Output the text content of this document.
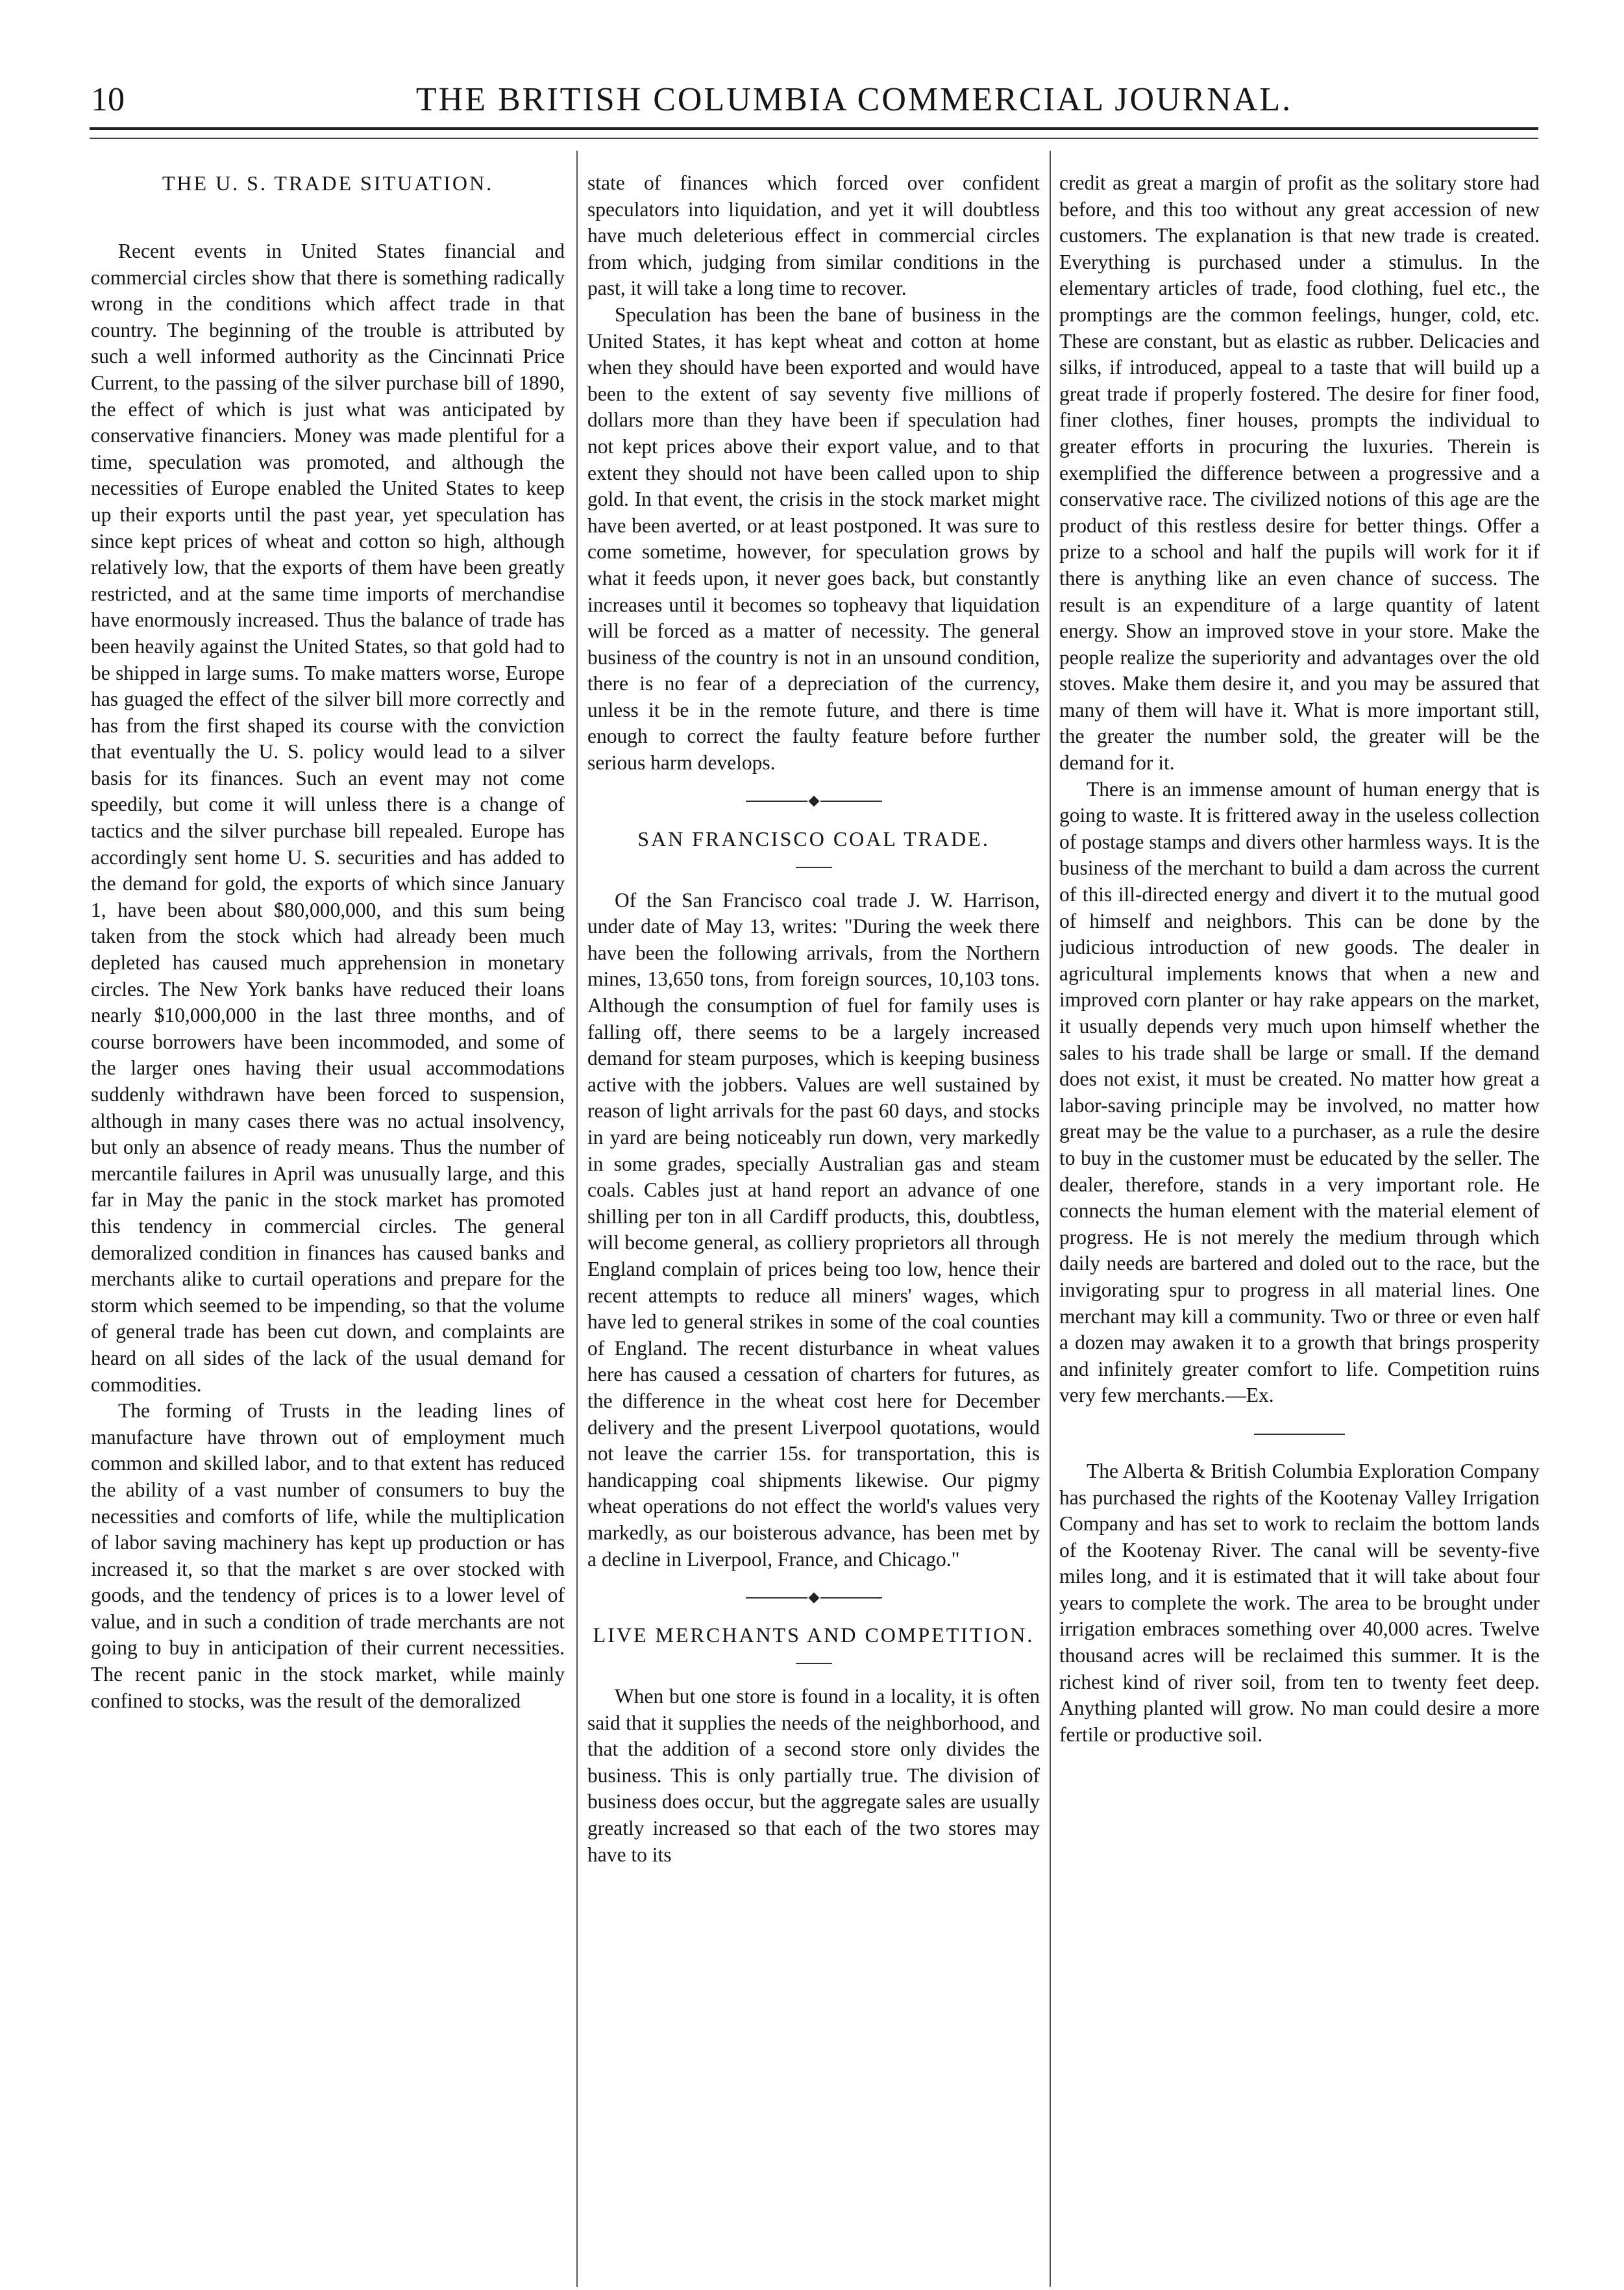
10	THE BRITISH COLUMBIA COMMERCIAL JOURNAL.
THE U. S. TRADE SITUATION.

Recent events in United States financial and commercial circles show that there is something radically wrong in the conditions which affect trade in that country. The beginning of the trouble is attributed by such a well informed authority as the Cincinnati Price Current, to the passing of the silver purchase bill of 1890, the effect of which is just what was anticipated by conservative financiers. Money was made plentiful for a time, speculation was promoted, and although the necessities of Europe enabled the United States to keep up their exports until the past year, yet speculation has since kept prices of wheat and cotton so high, although relatively low, that the exports of them have been greatly restricted, and at the same time imports of merchandise have enormously increased. Thus the balance of trade has been heavily against the United States, so that gold had to be shipped in large sums. To make matters worse, Europe has guaged the effect of the silver bill more correctly and has from the first shaped its course with the conviction that eventually the U. S. policy would lead to a silver basis for its finances. Such an event may not come speedily, but come it will unless there is a change of tactics and the silver purchase bill repealed. Europe has accordingly sent home U. S. securities and has added to the demand for gold, the exports of which since January 1, have been about $80,000,000, and this sum being taken from the stock which had already been much depleted has caused much apprehension in monetary circles. The New York banks have reduced their loans nearly $10,000,000 in the last three months, and of course borrowers have been incommoded, and some of the larger ones having their usual accommodations suddenly withdrawn have been forced to suspension, although in many cases there was no actual insolvency, but only an absence of ready means. Thus the number of mercantile failures in April was unusually large, and this far in May the panic in the stock market has promoted this tendency in commercial circles. The general demoralized condition in finances has caused banks and merchants alike to curtail operations and prepare for the storm which seemed to be impending, so that the volume of general trade has been cut down, and complaints are heard on all sides of the lack of the usual demand for commodities.

The forming of Trusts in the leading lines of manufacture have thrown out of employment much common and skilled labor, and to that extent has reduced the ability of a vast number of consumers to buy the necessities and comforts of life, while the multiplication of labor saving machinery has kept up production or has increased it, so that the market s are over stocked with goods, and the tendency of prices is to a lower level of value, and in such a condition of trade merchants are not going to buy in anticipation of their current necessities. The recent panic in the stock market, while mainly confined to stocks, was the result of the demoralized

state of finances which forced over confident speculators into liquidation, and yet it will doubtless have much deleterious effect in commercial circles from which, judging from similar conditions in the past, it will take a long time to recover.

Speculation has been the bane of business in the United States, it has kept wheat and cotton at home when they should have been exported and would have been to the extent of say seventy five millions of dollars more than they have been if speculation had not kept prices above their export value, and to that extent they should not have been called upon to ship gold. In that event, the crisis in the stock market might have been averted, or at least postponed. It was sure to come sometime, however, for speculation grows by what it feeds upon, it never goes back, but constantly increases until it becomes so topheavy that liquidation will be forced as a matter of necessity. The general business of the country is not in an unsound condition, there is no fear of a depreciation of the currency, unless it be in the remote future, and there is time enough to correct the faulty feature before further serious harm develops.

SAN FRANCISCO COAL TRADE.

Of the San Francisco coal trade J. W. Harrison, under date of May 13, writes: "During the week there have been the following arrivals, from the Northern mines, 13,650 tons, from foreign sources, 10,103 tons. Although the consumption of fuel for family uses is falling off, there seems to be a largely increased demand for steam purposes, which is keeping business active with the jobbers. Values are well sustained by reason of light arrivals for the past 60 days, and stocks in yard are being noticeably run down, very markedly in some grades, specially Australian gas and steam coals. Cables just at hand report an advance of one shilling per ton in all Cardiff products, this, doubtless, will become general, as colliery proprietors all through England complain of prices being too low, hence their recent attempts to reduce all miners' wages, which have led to general strikes in some of the coal counties of England. The recent disturbance in wheat values here has caused a cessation of charters for futures, as the difference in the wheat cost here for December delivery and the present Liverpool quotations, would not leave the carrier 15s. for transportation, this is handicapping coal shipments likewise. Our pigmy wheat operations do not effect the world's values very markedly, as our boisterous advance, has been met by a decline in Liverpool, France, and Chicago."

LIVE MERCHANTS AND COMPETITION.

When but one store is found in a locality, it is often said that it supplies the needs of the neighborhood, and that the addition of a second store only divides the business. This is only partially true. The division of business does occur, but the aggregate sales are usually greatly increased so that each of the two stores may have to its

credit as great a margin of profit as the solitary store had before, and this too without any great accession of new customers. The explanation is that new trade is created. Everything is purchased under a stimulus. In the elementary articles of trade, food clothing, fuel etc., the promptings are the common feelings, hunger, cold, etc. These are constant, but as elastic as rubber. Delicacies and silks, if introduced, appeal to a taste that will build up a great trade if properly fostered. The desire for finer food, finer clothes, finer houses, prompts the individual to greater efforts in procuring the luxuries. Therein is exemplified the difference between a progressive and a conservative race. The civilized notions of this age are the product of this restless desire for better things. Offer a prize to a school and half the pupils will work for it if there is anything like an even chance of success. The result is an expenditure of a large quantity of latent energy. Show an improved stove in your store. Make the people realize the superiority and advantages over the old stoves. Make them desire it, and you may be assured that many of them will have it. What is more important still, the greater the number sold, the greater will be the demand for it.

There is an immense amount of human energy that is going to waste. It is frittered away in the useless collection of postage stamps and divers other harmless ways. It is the business of the merchant to build a dam across the current of this ill-directed energy and divert it to the mutual good of himself and neighbors. This can be done by the judicious introduction of new goods. The dealer in agricultural implements knows that when a new and improved corn planter or hay rake appears on the market, it usually depends very much upon himself whether the sales to his trade shall be large or small. If the demand does not exist, it must be created. No matter how great a labor-saving principle may be involved, no matter how great may be the value to a purchaser, as a rule the desire to buy in the customer must be educated by the seller. The dealer, therefore, stands in a very important role. He connects the human element with the material element of progress. He is not merely the medium through which daily needs are bartered and doled out to the race, but the invigorating spur to progress in all material lines. One merchant may kill a community. Two or three or even half a dozen may awaken it to a growth that brings prosperity and infinitely greater comfort to life. Competition ruins very few merchants.—Ex.

The Alberta & British Columbia Exploration Company has purchased the rights of the Kootenay Valley Irrigation Company and has set to work to reclaim the bottom lands of the Kootenay River. The canal will be seventy-five miles long, and it is estimated that it will take about four years to complete the work. The area to be brought under irrigation embraces something over 40,000 acres. Twelve thousand acres will be reclaimed this summer. It is the richest kind of river soil, from ten to twenty feet deep. Anything planted will grow. No man could desire a more fertile or productive soil.
